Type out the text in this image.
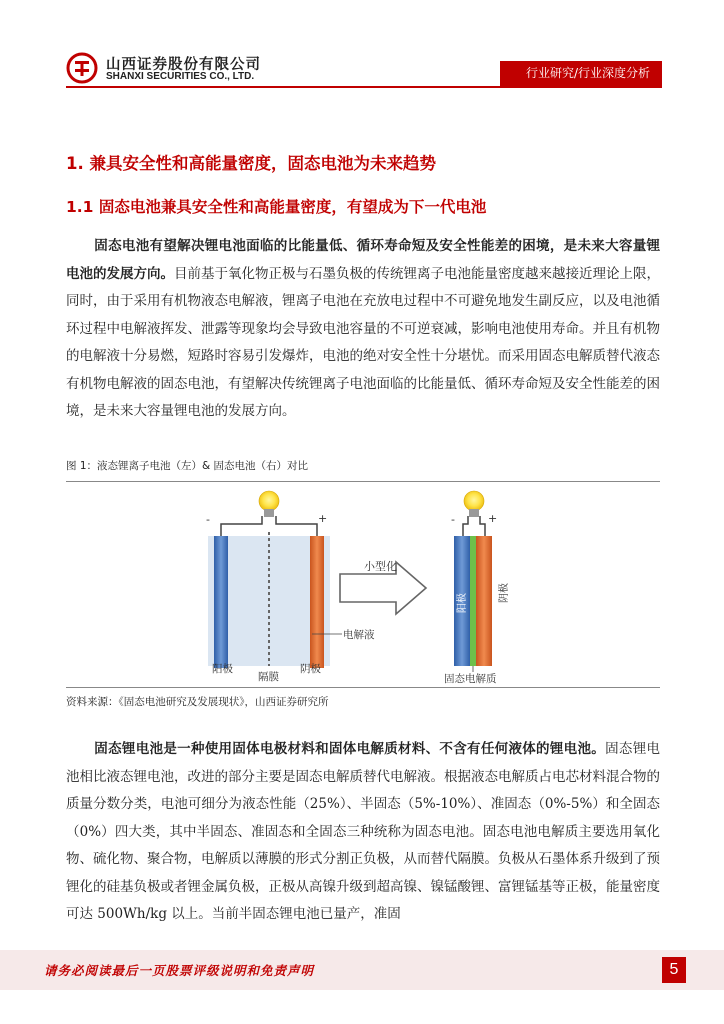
山西证券股份有限公司
SHANXI SECURITIES CO., LTD.	行业研究/行业深度分析
1. 兼具安全性和高能量密度，固态电池为未来趋势
1.1 固态电池兼具安全性和高能量密度，有望成为下一代电池
固态电池有望解决锂电池面临的比能量低、循环寿命短及安全性能差的困境，是未来大容量锂电池的发展方向。目前基于氧化物正极与石墨负极的传统锂离子电池能量密度越来越接近理论上限，同时，由于采用有机物液态电解液，锂离子电池在充放电过程中不可避免地发生副反应，以及电池循环过程中电解液挥发、泄露等现象均会导致电池容量的不可逆衰减，影响电池使用寿命。并且有机物的电解液十分易燃，短路时容易引发爆炸，电池的绝对安全性十分堪忧。而采用固态电解质替代液态有机物电解液的固态电池，有望解决传统锂离子电池面临的比能量低、循环寿命短及安全性能差的困境，是未来大容量锂电池的发展方向。
图 1：液态锂离子电池（左）& 固态电池（右）对比
-	+
阳极
隔膜
阴极
电解液
小型化
-	+
阳极	阴极
固态电解质
资料来源：《固态电池研究及发展现状》，山西证券研究所
固态锂电池是一种使用固体电极材料和固体电解质材料、不含有任何液体的锂电池。固态锂电池相比液态锂电池，改进的部分主要是固态电解质替代电解液。根据液态电解质占电芯材料混合物的质量分数分类，电池可细分为液态性能（25%）、半固态（5%-10%）、准固态（0%-5%）和全固态（0%）四大类，其中半固态、准固态和全固态三种统称为固态电池。固态电池电解质主要选用氧化物、硫化物、聚合物，电解质以薄膜的形式分割正负极，从而替代隔膜。负极从石墨体系升级到了预锂化的硅基负极或者锂金属负极，正极从高镍升级到超高镍、镍锰酸锂、富锂锰基等正极，能量密度可达 500Wh/kg 以上。当前半固态锂电池已量产，准固
请务必阅读最后一页股票评级说明和免责声明	5
